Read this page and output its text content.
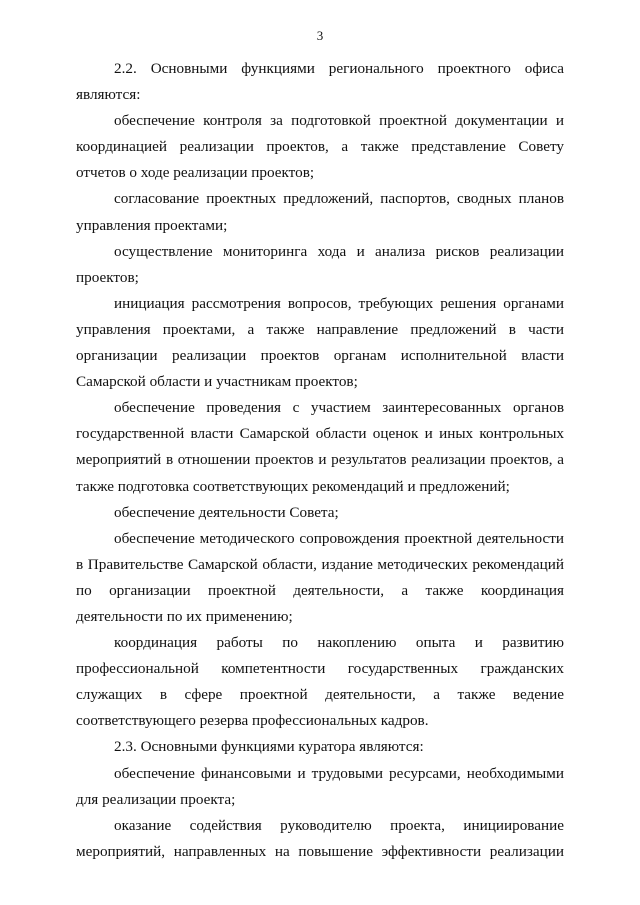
3

2.2. Основными функциями регионального проектного офиса являются:

обеспечение контроля за подготовкой проектной документации и координацией реализации проектов, а также представление Совету отчетов о ходе реализации проектов;

согласование проектных предложений, паспортов, сводных планов управления проектами;

осуществление мониторинга хода и анализа рисков реализации проектов;

инициация рассмотрения вопросов, требующих решения органами управления проектами, а также направление предложений в части организации реализации проектов органам исполнительной власти Самарской области и участникам проектов;

обеспечение проведения с участием заинтересованных органов государственной власти Самарской области оценок и иных контрольных мероприятий в отношении проектов и результатов реализации проектов, а также подготовка соответствующих рекомендаций и предложений;

обеспечение деятельности Совета;

обеспечение методического сопровождения проектной деятельности в Правительстве Самарской области, издание методических рекомендаций по организации проектной деятельности, а также координация деятельности по их применению;

координация работы по накоплению опыта и развитию профессиональной компетентности государственных гражданских служащих в сфере проектной деятельности, а также ведение соответствующего резерва профессиональных кадров.

2.3. Основными функциями куратора являются:

обеспечение финансовыми и трудовыми ресурсами, необходимыми для реализации проекта;

оказание содействия руководителю проекта, инициирование мероприятий, направленных на повышение эффективности реализации
